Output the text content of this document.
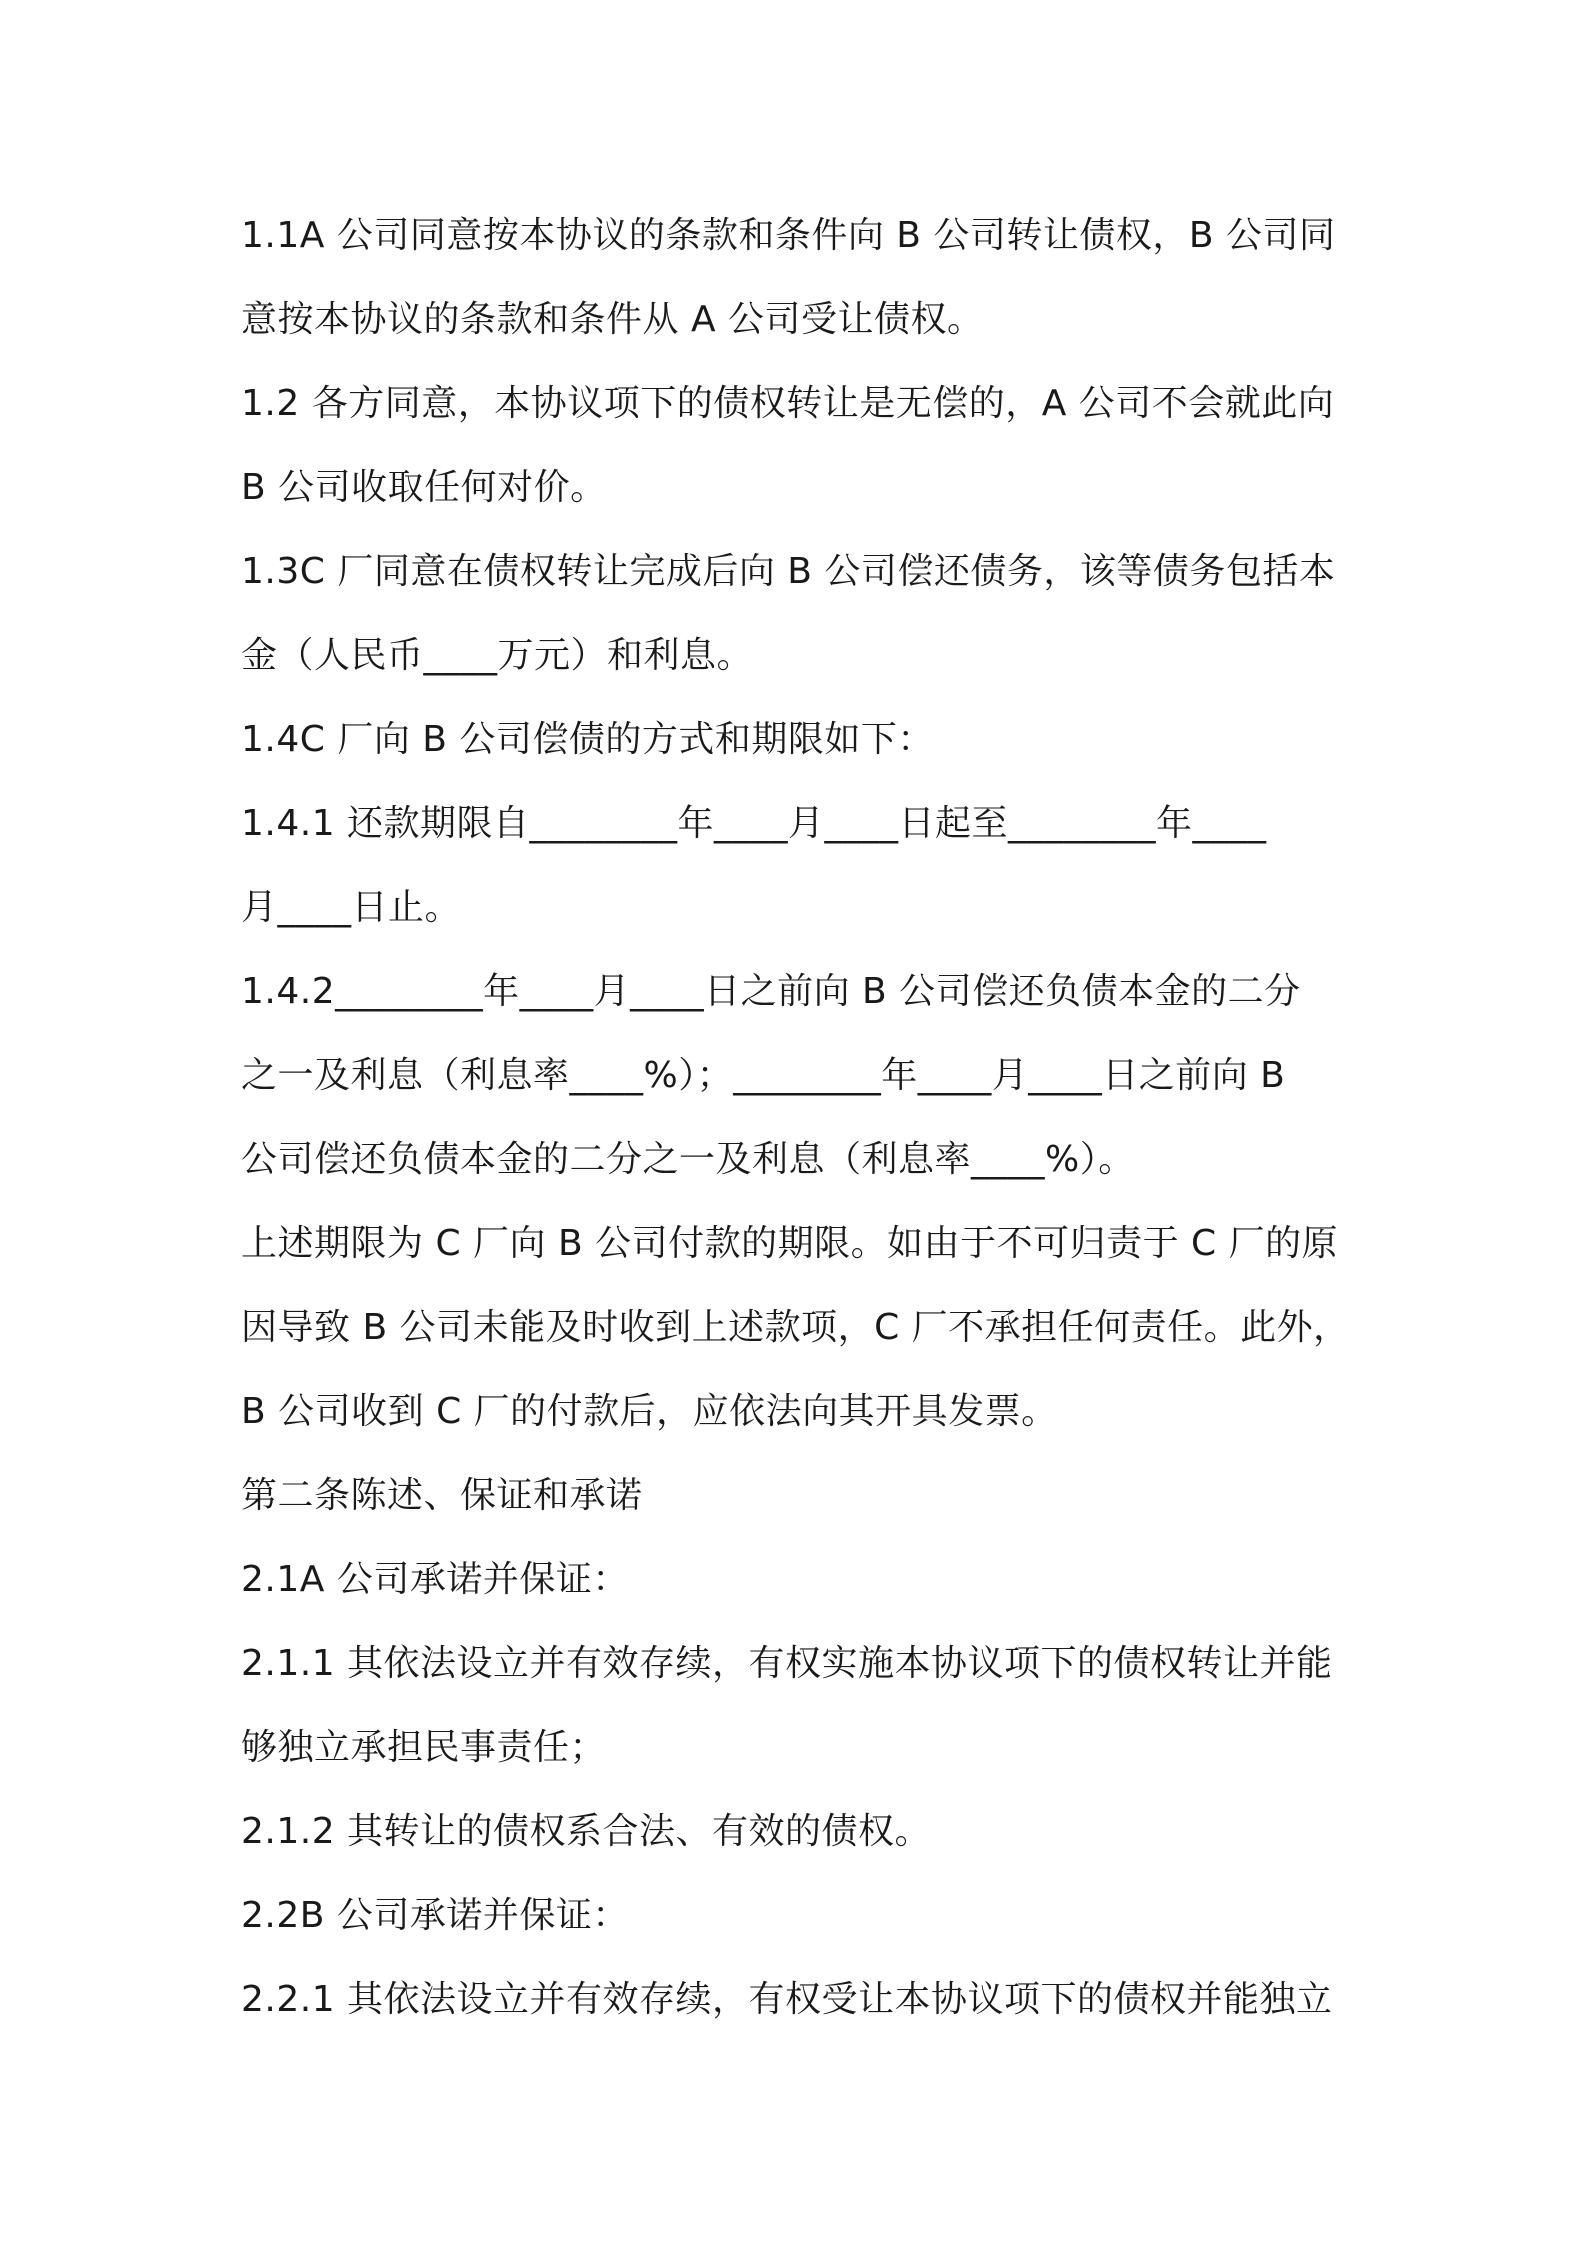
1.1A 公司同意按本协议的条款和条件向 B 公司转让债权，B 公司同

意按本协议的条款和条件从 A 公司受让债权。

1.2 各方同意，本协议项下的债权转让是无偿的，A 公司不会就此向

B 公司收取任何对价。

1.3C 厂同意在债权转让完成后向 B 公司偿还债务，该等债务包括本

金（人民币____万元）和利息。

1.4C 厂向 B 公司偿债的方式和期限如下：

1.4.1 还款期限自________年____月____日起至________年____

月____日止。

1.4.2________年____月____日之前向 B 公司偿还负债本金的二分

之一及利息（利息率____%）；________年____月____日之前向 B

公司偿还负债本金的二分之一及利息（利息率____%）。

上述期限为 C 厂向 B 公司付款的期限。如由于不可归责于 C 厂的原

因导致 B 公司未能及时收到上述款项，C 厂不承担任何责任。此外，

B 公司收到 C 厂的付款后，应依法向其开具发票。

第二条陈述、保证和承诺

2.1A 公司承诺并保证：

2.1.1 其依法设立并有效存续，有权实施本协议项下的债权转让并能

够独立承担民事责任；

2.1.2 其转让的债权系合法、有效的债权。

2.2B 公司承诺并保证：

2.2.1 其依法设立并有效存续，有权受让本协议项下的债权并能独立
